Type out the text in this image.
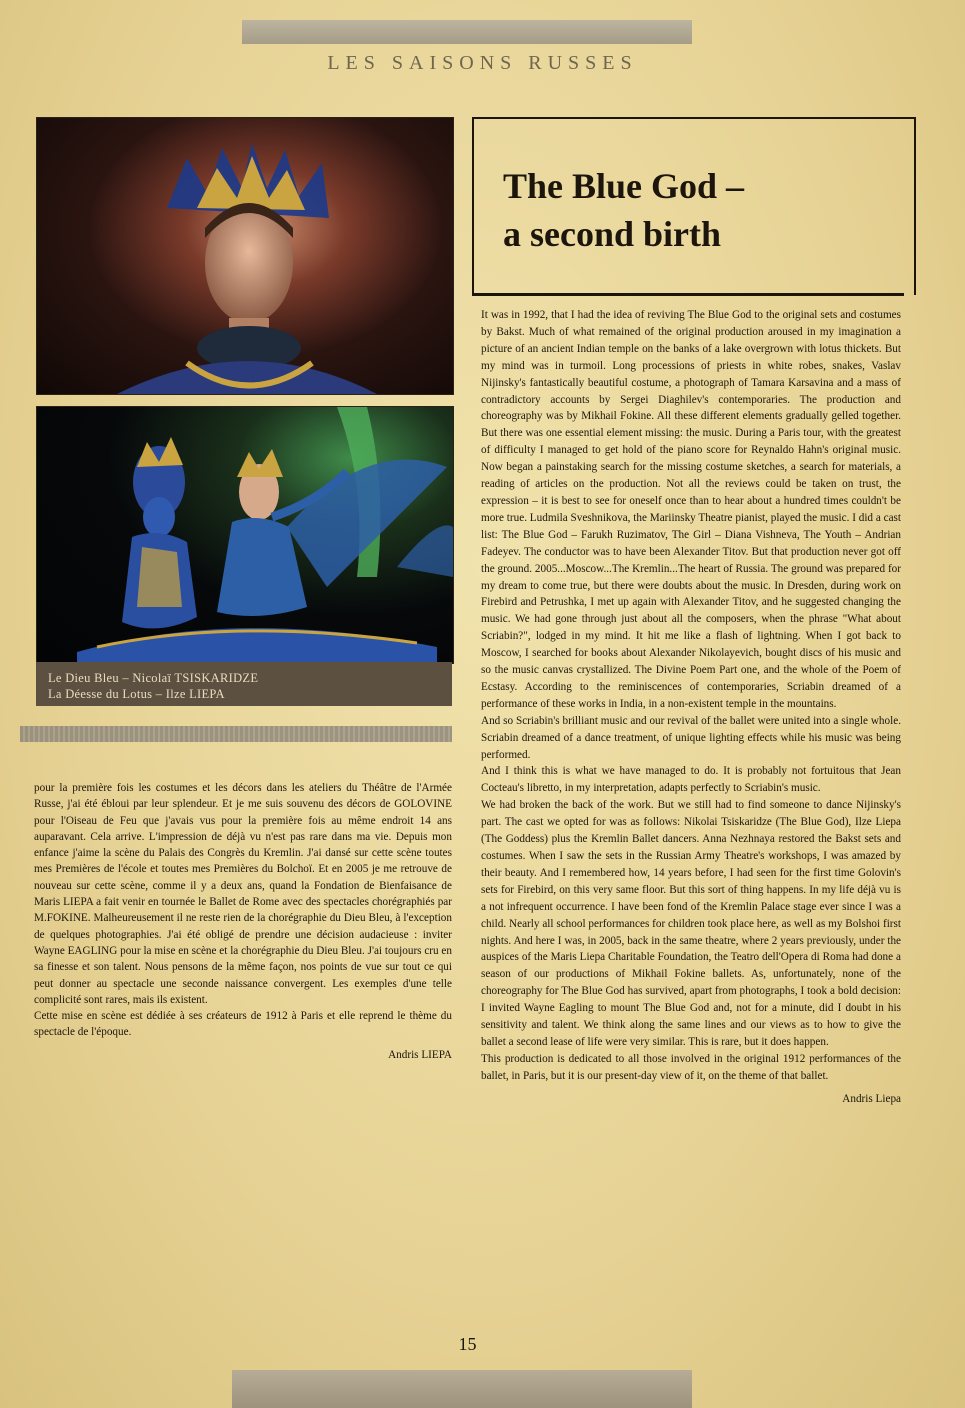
LES SAISONS RUSSES
Le Dieu Bleu – Nicolaï TSISKARIDZE
La Déesse du Lotus – Ilze LIEPA

pour la première fois les costumes et les décors dans les ateliers du Théâtre de l'Armée Russe, j'ai été ébloui par leur splendeur. Et je me suis souvenu des décors de GOLOVINE pour l'Oiseau de Feu que j'avais vus pour la première fois au même endroit 14 ans auparavant. Cela arrive. L'impression de déjà vu n'est pas rare dans ma vie. Depuis mon enfance j'aime la scène du Palais des Congrès du Kremlin. J'ai dansé sur cette scène toutes mes Premières de l'école et toutes mes Premières du Bolchoï. Et en 2005 je me retrouve de nouveau sur cette scène, comme il y a deux ans, quand la Fondation de Bienfaisance de Maris LIEPA a fait venir en tournée le Ballet de Rome avec des spectacles chorégraphiés par M.FOKINE. Malheureusement il ne reste rien de la chorégraphie du Dieu Bleu, à l'exception de quelques photographies. J'ai été obligé de prendre une décision audacieuse : inviter Wayne EAGLING pour la mise en scène et la chorégraphie du Dieu Bleu. J'ai toujours cru en sa finesse et son talent. Nous pensons de la même façon, nos points de vue sur tout ce qui peut donner au spectacle une seconde naissance convergent. Les exemples d'une telle complicité sont rares, mais ils existent.

Cette mise en scène est dédiée à ses créateurs de 1912 à Paris et elle reprend le thème du spectacle de l'époque.

Andris LIEPA

The Blue God –
a second birth

It was in 1992, that I had the idea of reviving The Blue God to the original sets and costumes by Bakst. Much of what remained of the original production aroused in my imagination a picture of an ancient Indian temple on the banks of a lake overgrown with lotus thickets. But my mind was in turmoil. Long processions of priests in white robes, snakes, Vaslav Nijinsky's fantastically beautiful costume, a photograph of Tamara Karsavina and a mass of contradictory accounts by Sergei Diaghilev's contemporaries. The production and choreography was by Mikhail Fokine. All these different elements gradually gelled together. But there was one essential element missing: the music. During a Paris tour, with the greatest of difficulty I managed to get hold of the piano score for Reynaldo Hahn's original music. Now began a painstaking search for the missing costume sketches, a search for materials, a reading of articles on the production. Not all the reviews could be taken on trust, the expression – it is best to see for oneself once than to hear about a hundred times couldn't be more true. Ludmila Sveshnikova, the Mariinsky Theatre pianist, played the music. I did a cast list: The Blue God – Farukh Ruzimatov, The Girl – Diana Vishneva, The Youth – Andrian Fadeyev. The conductor was to have been Alexander Titov. But that production never got off the ground. 2005...Moscow...The Kremlin...The heart of Russia. The ground was prepared for my dream to come true, but there were doubts about the music. In Dresden, during work on Firebird and Petrushka, I met up again with Alexander Titov, and he suggested changing the music. We had gone through just about all the composers, when the phrase "What about Scriabin?", lodged in my mind. It hit me like a flash of lightning. When I got back to Moscow, I searched for books about Alexander Nikolayevich, bought discs of his music and so the music canvas crystallized. The Divine Poem Part one, and the whole of the Poem of Ecstasy. According to the reminiscences of contemporaries, Scriabin dreamed of a performance of these works in India, in a non-existent temple in the mountains.

And so Scriabin's brilliant music and our revival of the ballet were united into a single whole. Scriabin dreamed of a dance treatment, of unique lighting effects while his music was being performed.

And I think this is what we have managed to do. It is probably not fortuitous that Jean Cocteau's libretto, in my interpretation, adapts perfectly to Scriabin's music.

We had broken the back of the work. But we still had to find someone to dance Nijinsky's part. The cast we opted for was as follows: Nikolai Tsiskaridze (The Blue God), Ilze Liepa (The Goddess) plus the Kremlin Ballet dancers. Anna Nezhnaya restored the Bakst sets and costumes. When I saw the sets in the Russian Army Theatre's workshops, I was amazed by their beauty. And I remembered how, 14 years before, I had seen for the first time Golovin's sets for Firebird, on this very same floor. But this sort of thing happens. In my life déjà vu is a not infrequent occurrence. I have been fond of the Kremlin Palace stage ever since I was a child. Nearly all school performances for children took place here, as well as my Bolshoi first nights. And here I was, in 2005, back in the same theatre, where 2 years previously, under the auspices of the Maris Liepa Charitable Foundation, the Teatro dell'Opera di Roma had done a season of our productions of Mikhail Fokine ballets. As, unfortunately, none of the choreography for The Blue God has survived, apart from photographs, I took a bold decision: I invited Wayne Eagling to mount The Blue God and, not for a minute, did I doubt in his sensitivity and talent. We think along the same lines and our views as to how to give the ballet a second lease of life were very similar. This is rare, but it does happen.

This production is dedicated to all those involved in the original 1912 performances of the ballet, in Paris, but it is our present-day view of it, on the theme of that ballet.

Andris Liepa

15
